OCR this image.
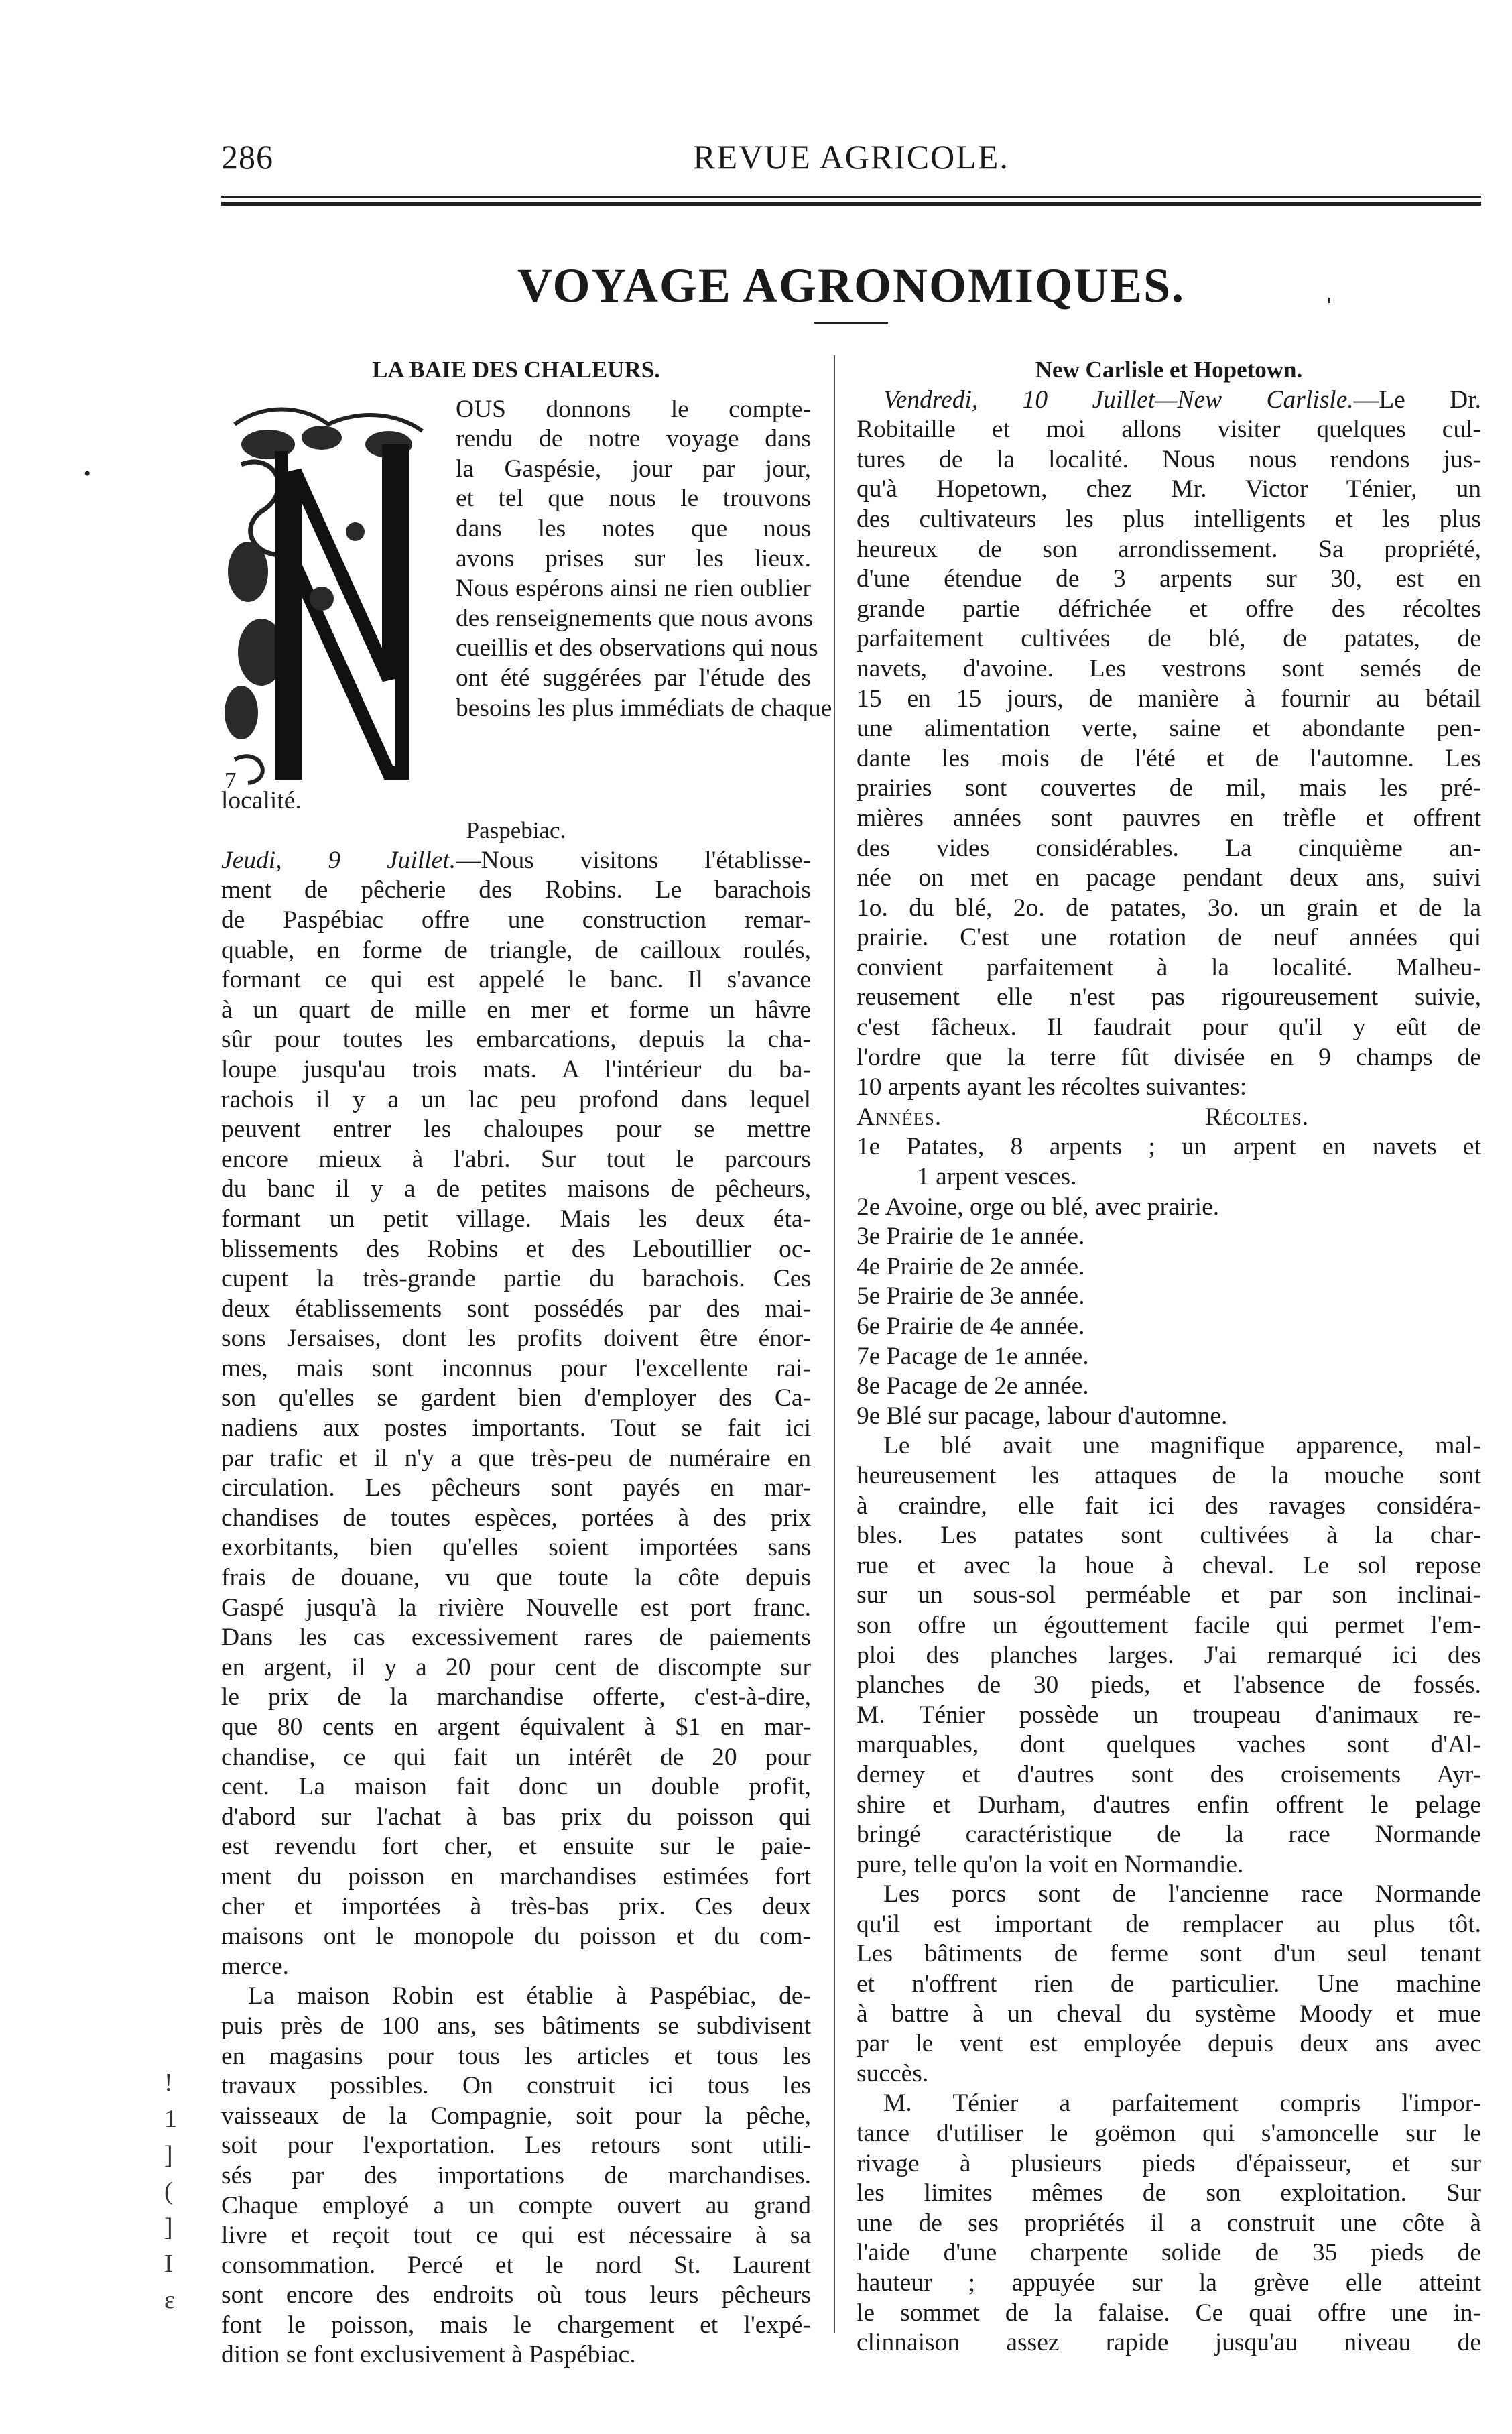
286	REVUE AGRICOLE.
VOYAGE AGRONOMIQUES.
LA BAIE DES CHALEURS.
OUS donnons le compte-
rendu de notre voyage dans
la Gaspésie, jour par jour,
et tel que nous le trouvons
dans les notes que nous
avons prises sur les lieux.
Nous espérons ainsi ne rien oublier
des renseignements que nous avons
cueillis et des observations qui nous
ont été suggérées par l'étude des
besoins les plus immédiats de chaque
localité.
Paspebiac.
Jeudi, 9 Juillet.—Nous visitons l'établisse-
ment de pêcherie des Robins. Le barachois
de Paspébiac offre une construction remar-
quable, en forme de triangle, de cailloux roulés,
formant ce qui est appelé le banc. Il s'avance
à un quart de mille en mer et forme un hâvre
sûr pour toutes les embarcations, depuis la cha-
loupe jusqu'au trois mats. A l'intérieur du ba-
rachois il y a un lac peu profond dans lequel
peuvent entrer les chaloupes pour se mettre
encore mieux à l'abri. Sur tout le parcours
du banc il y a de petites maisons de pêcheurs,
formant un petit village. Mais les deux éta-
blissements des Robins et des Leboutillier oc-
cupent la très-grande partie du barachois. Ces
deux établissements sont possédés par des mai-
sons Jersaises, dont les profits doivent être énor-
mes, mais sont inconnus pour l'excellente rai-
son qu'elles se gardent bien d'employer des Ca-
nadiens aux postes importants. Tout se fait ici
par trafic et il n'y a que très-peu de numéraire en
circulation. Les pêcheurs sont payés en mar-
chandises de toutes espèces, portées à des prix
exorbitants, bien qu'elles soient importées sans
frais de douane, vu que toute la côte depuis
Gaspé jusqu'à la rivière Nouvelle est port franc.
Dans les cas excessivement rares de paiements
en argent, il y a 20 pour cent de discompte sur
le prix de la marchandise offerte, c'est-à-dire,
que 80 cents en argent équivalent à $1 en mar-
chandise, ce qui fait un intérêt de 20 pour
cent. La maison fait donc un double profit,
d'abord sur l'achat à bas prix du poisson qui
est revendu fort cher, et ensuite sur le paie-
ment du poisson en marchandises estimées fort
cher et importées à très-bas prix. Ces deux
maisons ont le monopole du poisson et du com-
merce.
La maison Robin est établie à Paspébiac, de-
puis près de 100 ans, ses bâtiments se subdivisent
en magasins pour tous les articles et tous les
travaux possibles. On construit ici tous les
vaisseaux de la Compagnie, soit pour la pêche,
soit pour l'exportation. Les retours sont utili-
sés par des importations de marchandises.
Chaque employé a un compte ouvert au grand
livre et reçoit tout ce qui est nécessaire à sa
consommation. Percé et le nord St. Laurent
sont encore des endroits où tous leurs pêcheurs
font le poisson, mais le chargement et l'expé-
dition se font exclusivement à Paspébiac.
7
New Carlisle et Hopetown.
Vendredi, 10 Juillet—New Carlisle.—Le Dr.
Robitaille et moi allons visiter quelques cul-
tures de la localité. Nous nous rendons jus-
qu'à Hopetown, chez Mr. Victor Ténier, un
des cultivateurs les plus intelligents et les plus
heureux de son arrondissement. Sa propriété,
d'une étendue de 3 arpents sur 30, est en
grande partie défrichée et offre des récoltes
parfaitement cultivées de blé, de patates, de
navets, d'avoine. Les vestrons sont semés de
15 en 15 jours, de manière à fournir au bétail
une alimentation verte, saine et abondante pen-
dante les mois de l'été et de l'automne. Les
prairies sont couvertes de mil, mais les pré-
mières années sont pauvres en trèfle et offrent
des vides considérables. La cinquième an-
née on met en pacage pendant deux ans, suivi
1o. du blé, 2o. de patates, 3o. un grain et de la
prairie. C'est une rotation de neuf années qui
convient parfaitement à la localité. Malheu-
reusement elle n'est pas rigoureusement suivie,
c'est fâcheux. Il faudrait pour qu'il y eût de
l'ordre que la terre fût divisée en 9 champs de
10 arpents ayant les récoltes suivantes:
Années.	Récoltes.
1e Patates, 8 arpents ; un arpent en navets et
1 arpent vesces.
2e Avoine, orge ou blé, avec prairie.
3e Prairie de 1e année.
4e Prairie de 2e année.
5e Prairie de 3e année.
6e Prairie de 4e année.
7e Pacage de 1e année.
8e Pacage de 2e année.
9e Blé sur pacage, labour d'automne.
Le blé avait une magnifique apparence, mal-
heureusement les attaques de la mouche sont
à craindre, elle fait ici des ravages considéra-
bles. Les patates sont cultivées à la char-
rue et avec la houe à cheval. Le sol repose
sur un sous-sol perméable et par son inclinai-
son offre un égouttement facile qui permet l'em-
ploi des planches larges. J'ai remarqué ici des
planches de 30 pieds, et l'absence de fossés.
M. Ténier possède un troupeau d'animaux re-
marquables, dont quelques vaches sont d'Al-
derney et d'autres sont des croisements Ayr-
shire et Durham, d'autres enfin offrent le pelage
bringé caractéristique de la race Normande
pure, telle qu'on la voit en Normandie.
Les porcs sont de l'ancienne race Normande
qu'il est important de remplacer au plus tôt.
Les bâtiments de ferme sont d'un seul tenant
et n'offrent rien de particulier. Une machine
à battre à un cheval du système Moody et mue
par le vent est employée depuis deux ans avec
succès.
M. Ténier a parfaitement compris l'impor-
tance d'utiliser le goëmon qui s'amoncelle sur le
rivage à plusieurs pieds d'épaisseur, et sur
les limites mêmes de son exploitation. Sur
une de ses propriétés il a construit une côte à
l'aide d'une charpente solide de 35 pieds de
hauteur ; appuyée sur la grève elle atteint
le sommet de la falaise. Ce quai offre une in-
clinnaison assez rapide jusqu'au niveau de
!
1
]
(
]
I
ɛ
ˌ
•
